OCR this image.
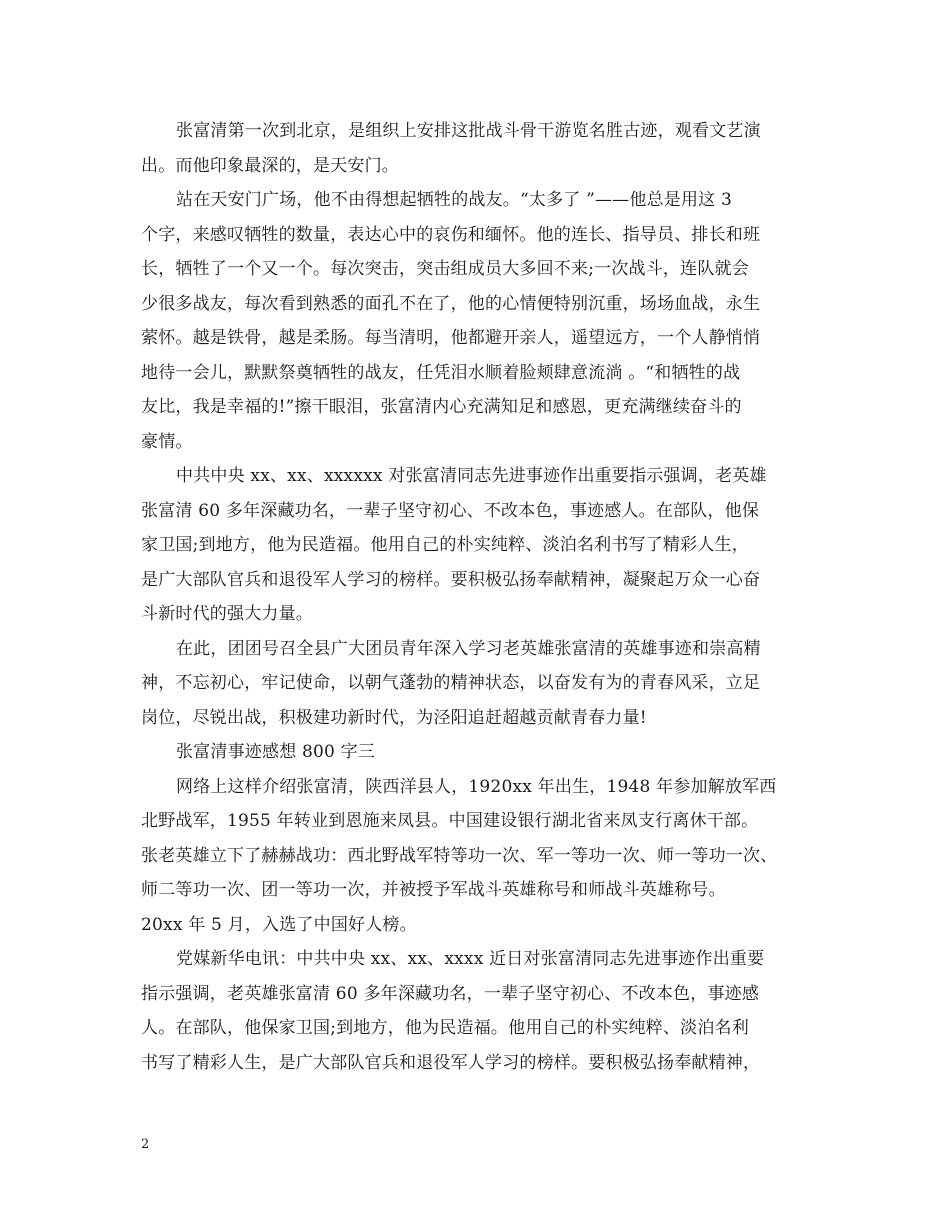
张富清第一次到北京，是组织上安排这批战斗骨干游览名胜古迹，观看文艺演
出。而他印象最深的，是天安门。
站在天安门广场，他不由得想起牺牲的战友。“太多了 ”——他总是用这 3
个字，来感叹牺牲的数量，表达心中的哀伤和缅怀。他的连长、指导员、排长和班
长，牺牲了一个又一个。每次突击，突击组成员大多回不来;一次战斗，连队就会
少很多战友，每次看到熟悉的面孔不在了，他的心情便特别沉重，场场血战，永生
萦怀。越是铁骨，越是柔肠。每当清明，他都避开亲人，遥望远方，一个人静悄悄
地待一会儿，默默祭奠牺牲的战友，任凭泪水顺着脸颊肆意流淌 。“和牺牲的战
友比，我是幸福的!”擦干眼泪，张富清内心充满知足和感恩，更充满继续奋斗的
豪情。
中共中央 xx、xx、xxxxxx 对张富清同志先进事迹作出重要指示强调，老英雄
张富清 60 多年深藏功名，一辈子坚守初心、不改本色，事迹感人。在部队，他保
家卫国;到地方，他为民造福。他用自己的朴实纯粹、淡泊名利书写了精彩人生，
是广大部队官兵和退役军人学习的榜样。要积极弘扬奉献精神，凝聚起万众一心奋
斗新时代的强大力量。
在此，团团号召全县广大团员青年深入学习老英雄张富清的英雄事迹和崇高精
神，不忘初心，牢记使命，以朝气蓬勃的精神状态，以奋发有为的青春风采，立足
岗位，尽锐出战，积极建功新时代，为泾阳追赶超越贡献青春力量!
张富清事迹感想 800 字三
网络上这样介绍张富清，陕西洋县人，1920xx 年出生，1948 年参加解放军西
北野战军，1955 年转业到恩施来凤县。中国建设银行湖北省来凤支行离休干部。
张老英雄立下了赫赫战功：西北野战军特等功一次、军一等功一次、师一等功一次、
师二等功一次、团一等功一次，并被授予军战斗英雄称号和师战斗英雄称号。
20xx 年 5 月，入选了中国好人榜。
党媒新华电讯：中共中央 xx、xx、xxxx 近日对张富清同志先进事迹作出重要
指示强调，老英雄张富清 60 多年深藏功名，一辈子坚守初心、不改本色，事迹感
人。在部队，他保家卫国;到地方，他为民造福。他用自己的朴实纯粹、淡泊名利
书写了精彩人生，是广大部队官兵和退役军人学习的榜样。要积极弘扬奉献精神，
2
